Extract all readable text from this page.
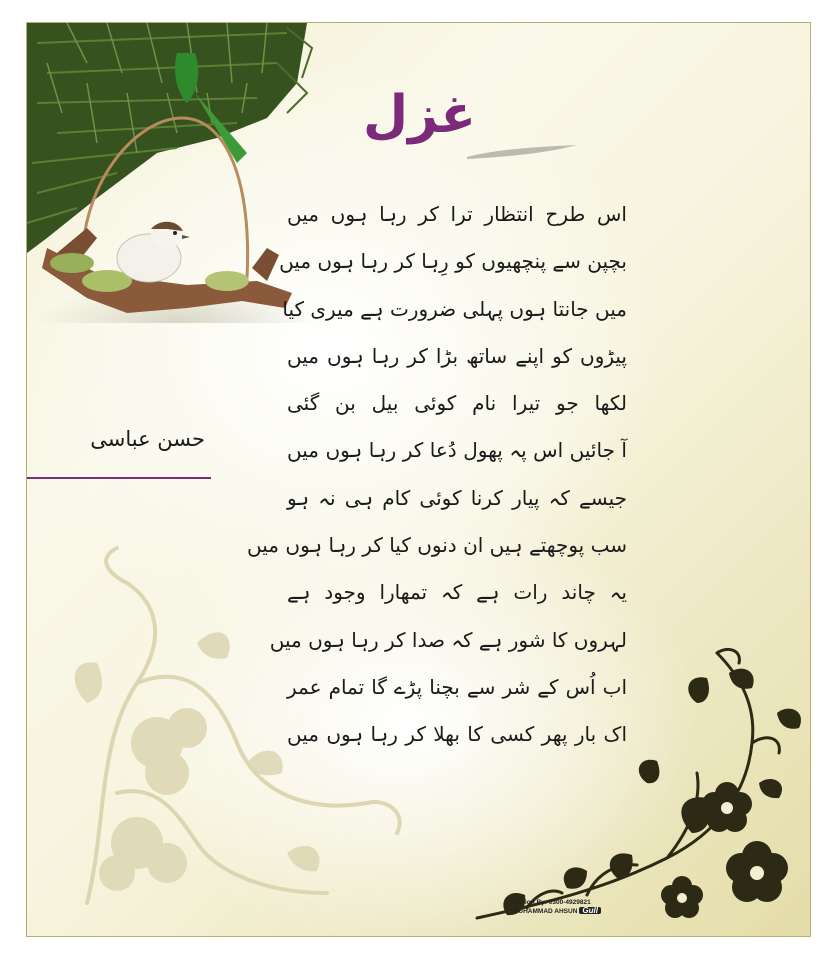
غزل
اس طرح انتظار ترا کر رہا ہوں میں
بچپن سے پنچھیوں کو رِہا کر رہا ہوں میں
میں جانتا ہوں پہلی ضرورت ہے میری کیا
پیڑوں کو اپنے ساتھ بڑا کر رہا ہوں میں
لکھا جو تیرا نام کوئی بیل بن گئی
آ جائیں اس پہ پھول دُعا کر رہا ہوں میں
جیسے کہ پیار کرنا کوئی کام ہی نہ ہو
سب پوچھتے ہیں ان دنوں کیا کر رہا ہوں میں
یہ چاند رات ہے کہ تمھارا وجود ہے
لہروں کا شور ہے کہ صدا کر رہا ہوں میں
اب اُس کے شر سے بچنا پڑے گا تمام عمر
اک بار پھر کسی کا بھلا کر رہا ہوں میں
حسن عباسی
Design By: 0300-4929821
MUHAMMAD AHSUN Gull
